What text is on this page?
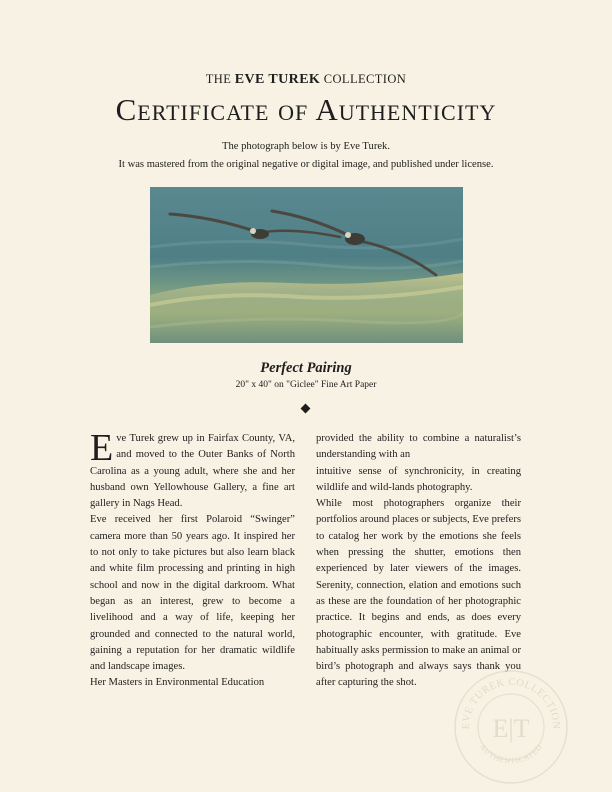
THE EVE TUREK COLLECTION
Certificate of Authenticity
The photograph below is by Eve Turek.
It was mastered from the original negative or digital image, and published under license.
Perfect Pairing
20" x 40" on "Giclee" Fine Art Paper

Eve Turek grew up in Fairfax County, VA, and moved to the Outer Banks of North Carolina as a young adult, where she and her husband own Yellowhouse Gallery, a fine art gallery in Nags Head.

Eve received her first Polaroid “Swinger” camera more than 50 years ago. It inspired her to not only to take pictures but also learn black and white film processing and printing in high school and now in the digital darkroom. What began as an interest, grew to become a livelihood and a way of life, keeping her grounded and connected to the natural world, gaining a reputation for her dramatic wildlife and landscape images.

Her Masters in Environmental Education

provided the ability to combine a naturalist’s understanding with an

intuitive sense of synchronicity, in creating wildlife and wild-lands photography.

While most photographers organize their portfolios around places or subjects, Eve prefers to catalog her work by the emotions she feels when pressing the shutter, emotions then experienced by later viewers of the images. Serenity, connection, elation and emotions such as these are the foundation of her photographic practice. It begins and ends, as does every photographic encounter, with gratitude. Eve habitually asks permission to make an animal or bird’s photograph and always says thank you after capturing the shot.

EVE TUREK COLLECTION
AUTHENTICATED
E|T
